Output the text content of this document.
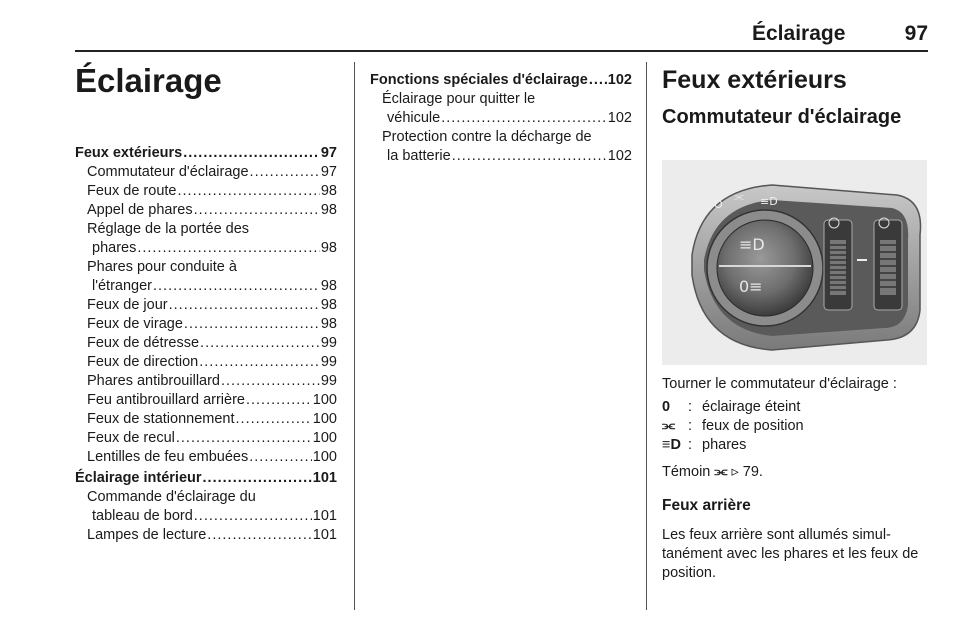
Éclairage	97
Éclairage
Feux extérieurs .....	97
Commutateur d'éclairage .....	97
Feux de route .....	98
Appel de phares .....	98
Réglage de la portée des
phares .....	98
Phares pour conduite à
l'étranger .....	98
Feux de jour .....	98
Feux de virage .....	98
Feux de détresse .....	99
Feux de direction .....	99
Phares antibrouillard .....	99
Feu antibrouillard arrière .....	100
Feux de stationnement .....	100
Feux de recul .....	100
Lentilles de feu embuées .....	100
Éclairage intérieur .....	101
Commande d'éclairage du
tableau de bord .....	101
Lampes de lecture .....	101
Fonctions spéciales d'éclairage ..... 102
Éclairage pour quitter le
véhicule .....	102
Protection contre la décharge de
la batterie .....	102
Feux extérieurs
Commutateur d'éclairage
≡D
0≡
O
⫘ ≡D
Tourner le commutateur d'éclairage :
0	: éclairage éteint
⫘ : feux de position
≡D : phares
Témoin ⫘ ▹ 79.
Feux arrière
Les feux arrière sont allumés simul-tanément avec les phares et les feux de position.
